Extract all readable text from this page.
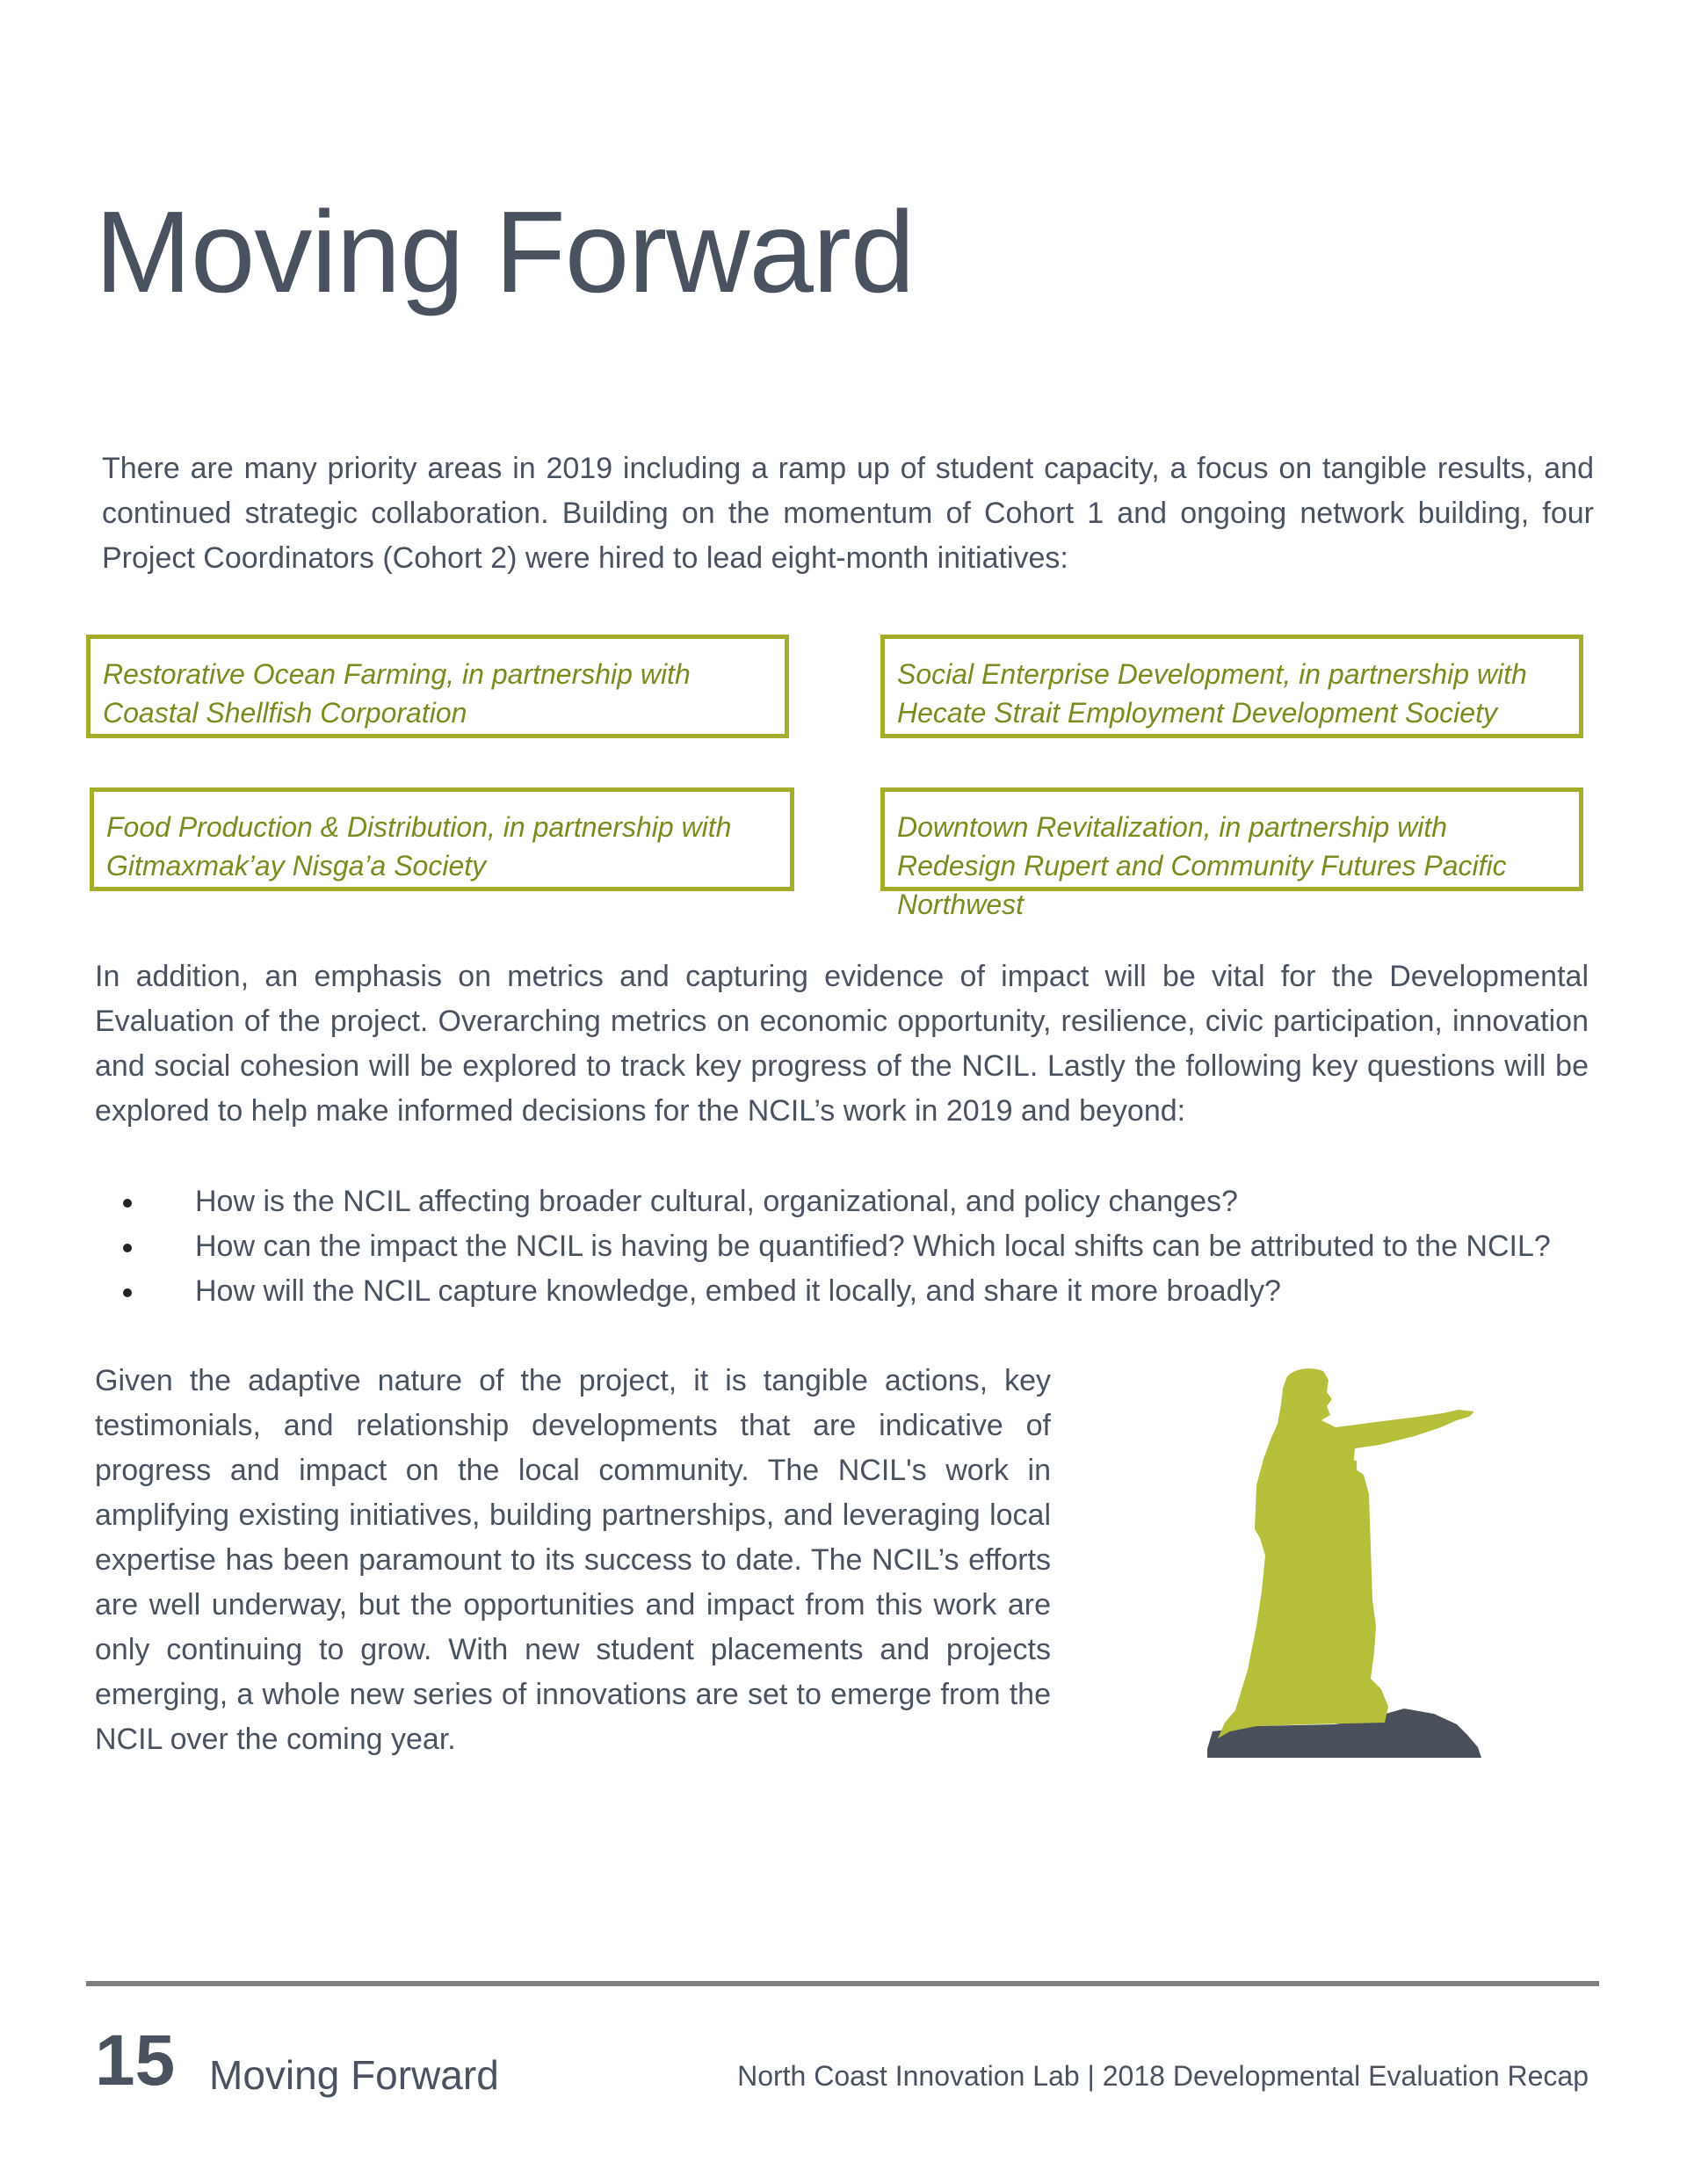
Moving Forward

There are many priority areas in 2019 including a ramp up of student capacity, a focus on tangible results, and continued strategic collaboration. Building on the momentum of Cohort 1 and ongoing network building, four Project Coordinators (Cohort 2) were hired to lead eight-month initiatives:

Restorative Ocean Farming, in partnership with Coastal Shellfish Corporation
Social Enterprise Development, in partnership with Hecate Strait Employment Development Society
Food Production & Distribution, in partnership with Gitmaxmak’ay Nisga’a Society
Downtown Revitalization, in partnership with Redesign Rupert and Community Futures Pacific Northwest

In addition, an emphasis on metrics and capturing evidence of impact will be vital for the Developmental Evaluation of the project. Overarching metrics on economic opportunity, resilience, civic participation, innovation and social cohesion will be explored to track key progress of the NCIL. Lastly the following key questions will be explored to help make informed decisions for the NCIL’s work in 2019 and beyond:

How is the NCIL affecting broader cultural, organizational, and policy changes?
How can the impact the NCIL is having be quantified? Which local shifts can be attributed to the NCIL?
How will the NCIL capture knowledge, embed it locally, and share it more broadly?

Given the adaptive nature of the project, it is tangible actions, key testimonials, and relationship developments that are indicative of progress and impact on the local community. The NCIL's work in amplifying existing initiatives, building partnerships, and leveraging local expertise has been paramount to its success to date. The NCIL’s efforts are well underway, but the opportunities and impact from this work are only continuing to grow. With new student placements and projects emerging, a whole new series of innovations are set to emerge from the NCIL over the coming year.

15 Moving Forward	North Coast Innovation Lab | 2018 Developmental Evaluation Recap
